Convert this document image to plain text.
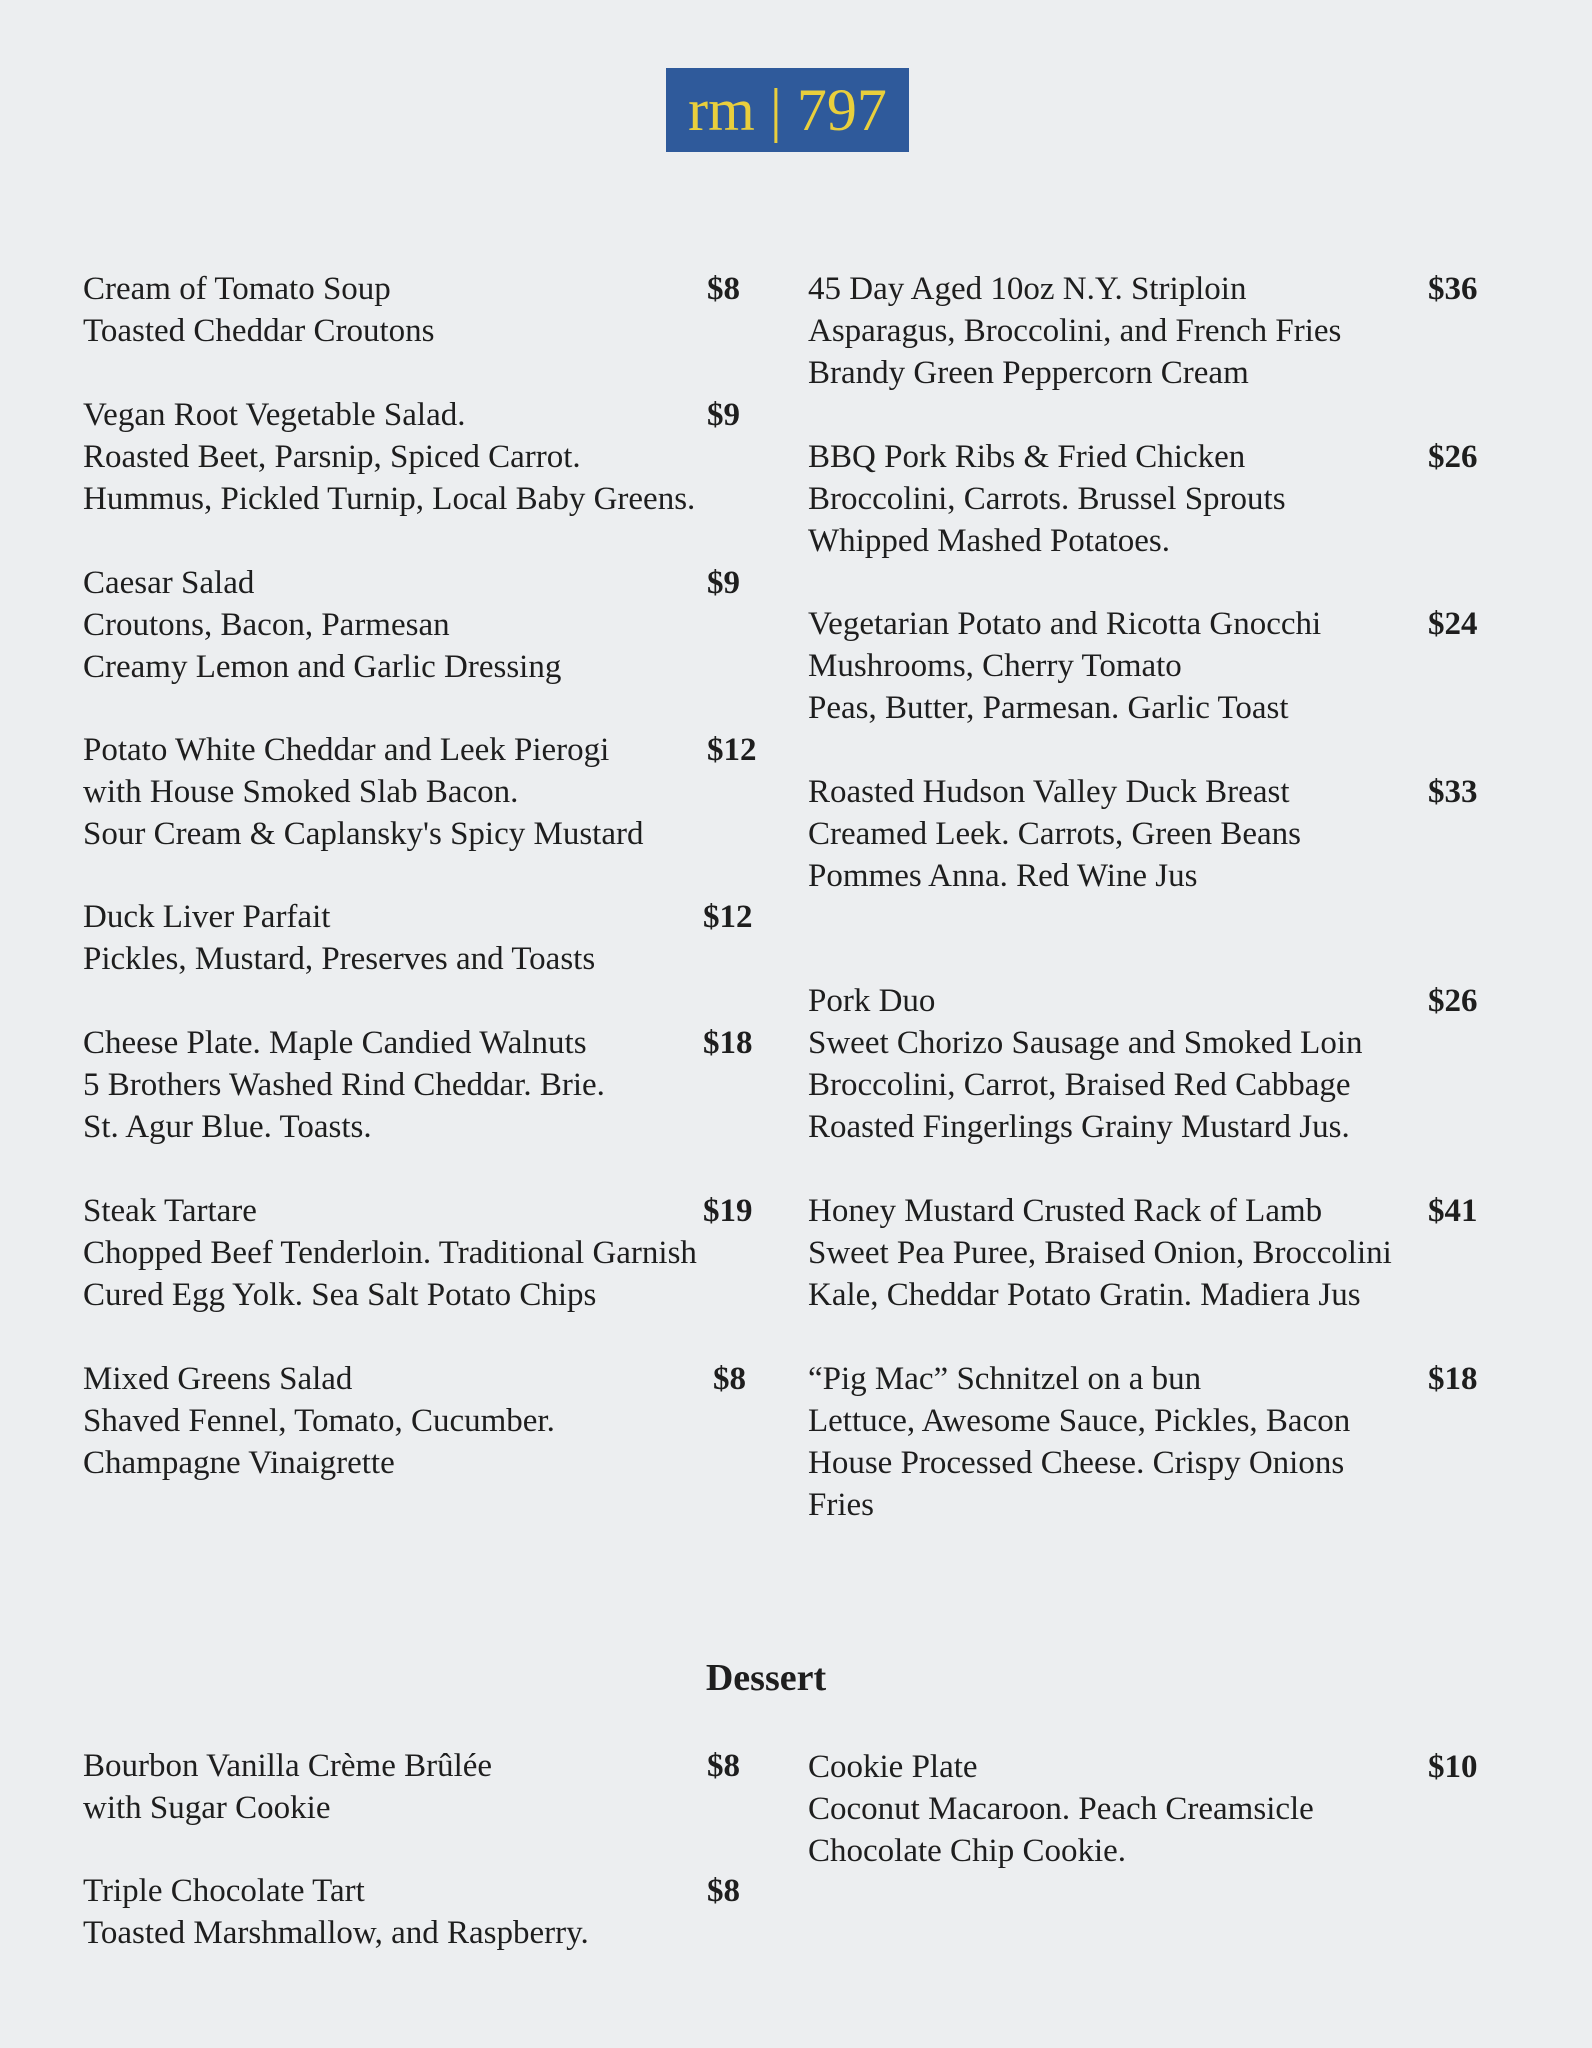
rm | 797
Cream of Tomato Soup	$8
Toasted Cheddar Croutons
Vegan Root Vegetable Salad.	$9
Roasted Beet, Parsnip, Spiced Carrot.
Hummus, Pickled Turnip, Local Baby Greens.
Caesar Salad	$9
Croutons, Bacon, Parmesan
Creamy Lemon and Garlic Dressing
Potato White Cheddar and Leek Pierogi	$12
with House Smoked Slab Bacon.
Sour Cream & Caplansky's Spicy Mustard
Duck Liver Parfait	$12
Pickles, Mustard, Preserves and Toasts
Cheese Plate. Maple Candied Walnuts	$18
5 Brothers Washed Rind Cheddar. Brie.
St. Agur Blue. Toasts.
Steak Tartare	$19
Chopped Beef Tenderloin. Traditional Garnish
Cured Egg Yolk. Sea Salt Potato Chips
Mixed Greens Salad	$8
Shaved Fennel, Tomato, Cucumber.
Champagne Vinaigrette
45 Day Aged 10oz N.Y. Striploin	$36
Asparagus, Broccolini, and French Fries
Brandy Green Peppercorn Cream
BBQ Pork Ribs & Fried Chicken	$26
Broccolini, Carrots. Brussel Sprouts
Whipped Mashed Potatoes.
Vegetarian Potato and Ricotta Gnocchi	$24
Mushrooms, Cherry Tomato
Peas, Butter, Parmesan. Garlic Toast
Roasted Hudson Valley Duck Breast	$33
Creamed Leek. Carrots, Green Beans
Pommes Anna. Red Wine Jus
Pork Duo	$26
Sweet Chorizo Sausage and Smoked Loin
Broccolini, Carrot, Braised Red Cabbage
Roasted Fingerlings Grainy Mustard Jus.
Honey Mustard Crusted Rack of Lamb	$41
Sweet Pea Puree, Braised Onion, Broccolini
Kale, Cheddar Potato Gratin. Madiera Jus
“Pig Mac” Schnitzel on a bun	$18
Lettuce, Awesome Sauce, Pickles, Bacon
House Processed Cheese. Crispy Onions
Fries
Dessert
Bourbon Vanilla Crème Brûlée	$8
with Sugar Cookie
Triple Chocolate Tart	$8
Toasted Marshmallow, and Raspberry.
Cookie Plate	$10
Coconut Macaroon. Peach Creamsicle
Chocolate Chip Cookie.
